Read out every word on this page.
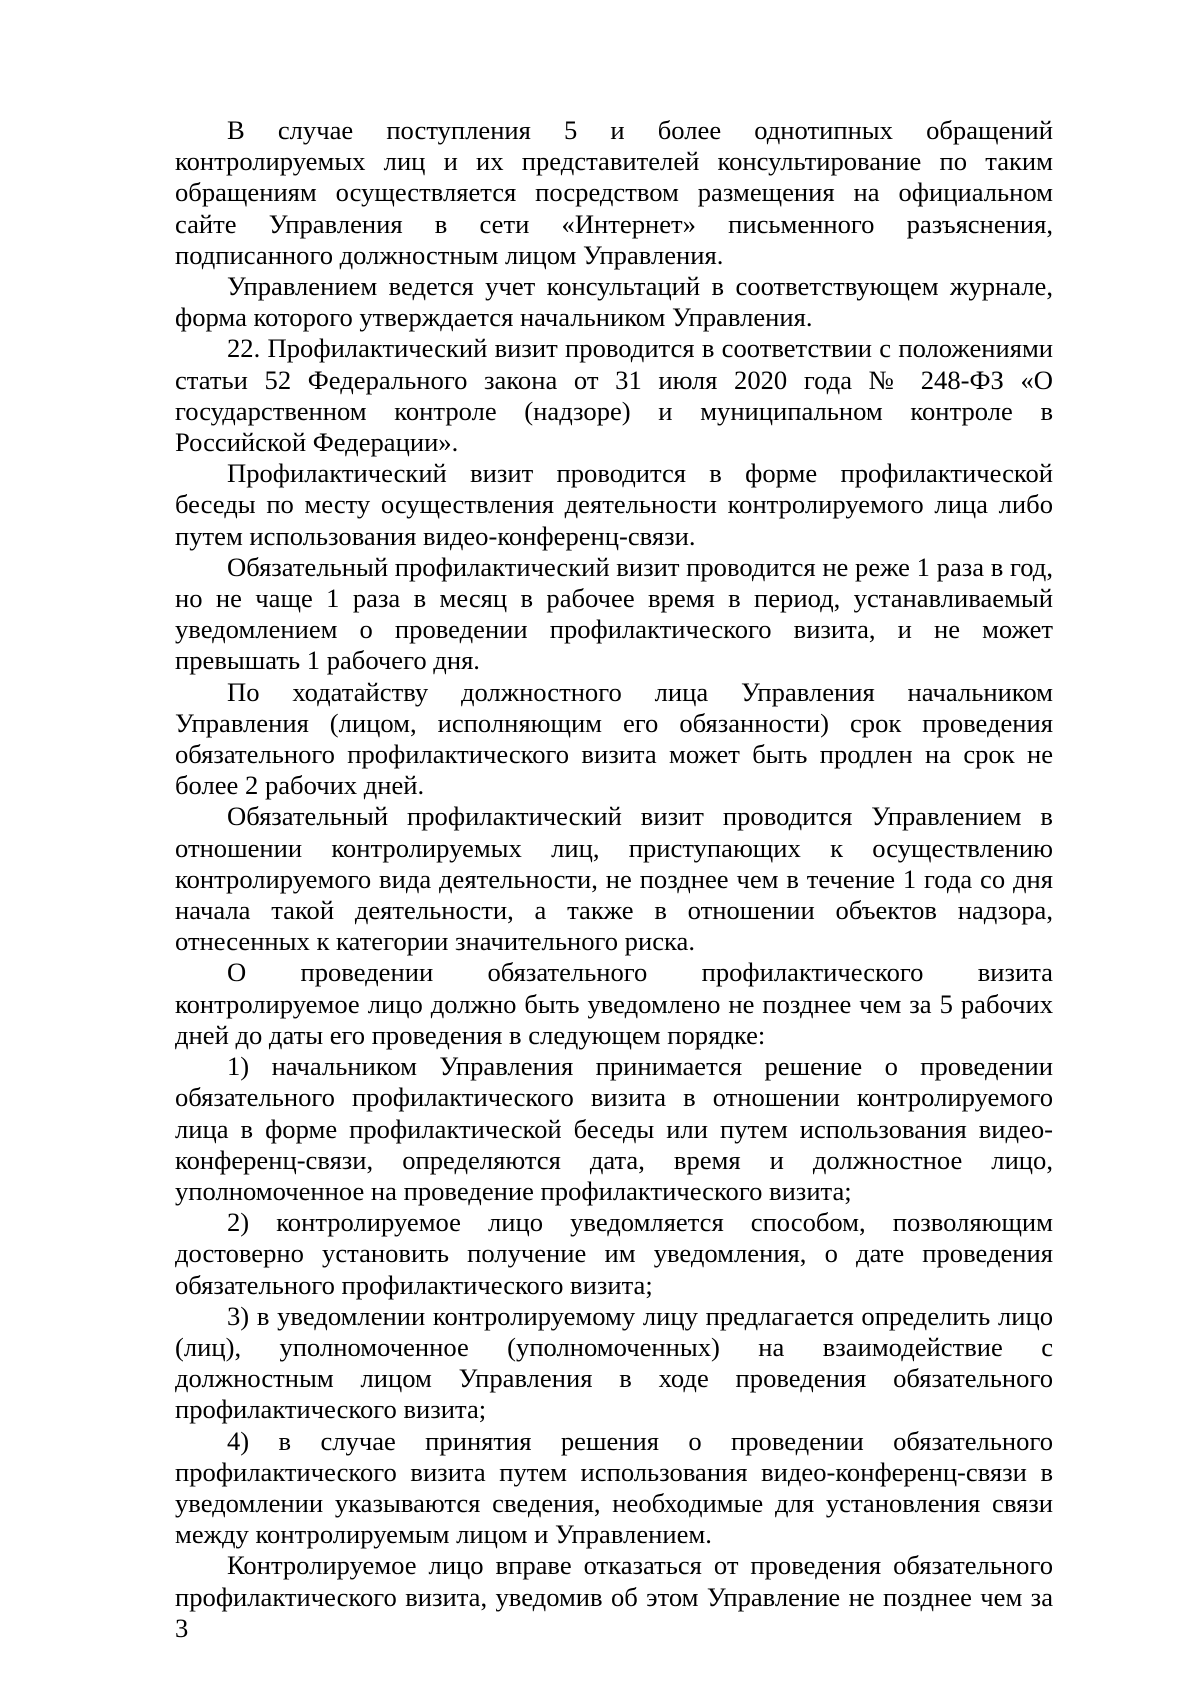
В случае поступления 5 и более однотипных обращений контролируемых лиц и их представителей консультирование по таким обращениям осуществляется посредством размещения на официальном сайте Управления в сети «Интернет» письменного разъяснения, подписанного должностным лицом Управления.

Управлением ведется учет консультаций в соответствующем журнале, форма которого утверждается начальником Управления.

22. Профилактический визит проводится в соответствии с положениями статьи 52 Федерального закона от 31 июля 2020 года № 248-ФЗ «О государственном контроле (надзоре) и муниципальном контроле в Российской Федерации».

Профилактический визит проводится в форме профилактической беседы по месту осуществления деятельности контролируемого лица либо путем использования видео-конференц-связи.

Обязательный профилактический визит проводится не реже 1 раза в год, но не чаще 1 раза в месяц в рабочее время в период, устанавливаемый уведомлением о проведении профилактического визита, и не может превышать 1 рабочего дня.

По ходатайству должностного лица Управления начальником Управления (лицом, исполняющим его обязанности) срок проведения обязательного профилактического визита может быть продлен на срок не более 2 рабочих дней.

Обязательный профилактический визит проводится Управлением в отношении контролируемых лиц, приступающих к осуществлению контролируемого вида деятельности, не позднее чем в течение 1 года со дня начала такой деятельности, а также в отношении объектов надзора, отнесенных к категории значительного риска.

О проведении обязательного профилактического визита контролируемое лицо должно быть уведомлено не позднее чем за 5 рабочих дней до даты его проведения в следующем порядке:

1) начальником Управления принимается решение о проведении обязательного профилактического визита в отношении контролируемого лица в форме профилактической беседы или путем использования видео-конференц-связи, определяются дата, время и должностное лицо, уполномоченное на проведение профилактического визита;

2) контролируемое лицо уведомляется способом, позволяющим достоверно установить получение им уведомления, о дате проведения обязательного профилактического визита;

3) в уведомлении контролируемому лицу предлагается определить лицо (лиц), уполномоченное (уполномоченных) на взаимодействие с должностным лицом Управления в ходе проведения обязательного профилактического визита;

4) в случае принятия решения о проведении обязательного профилактического визита путем использования видео-конференц-связи в уведомлении указываются сведения, необходимые для установления связи между контролируемым лицом и Управлением.

Контролируемое лицо вправе отказаться от проведения обязательного профилактического визита, уведомив об этом Управление не позднее чем за 3
